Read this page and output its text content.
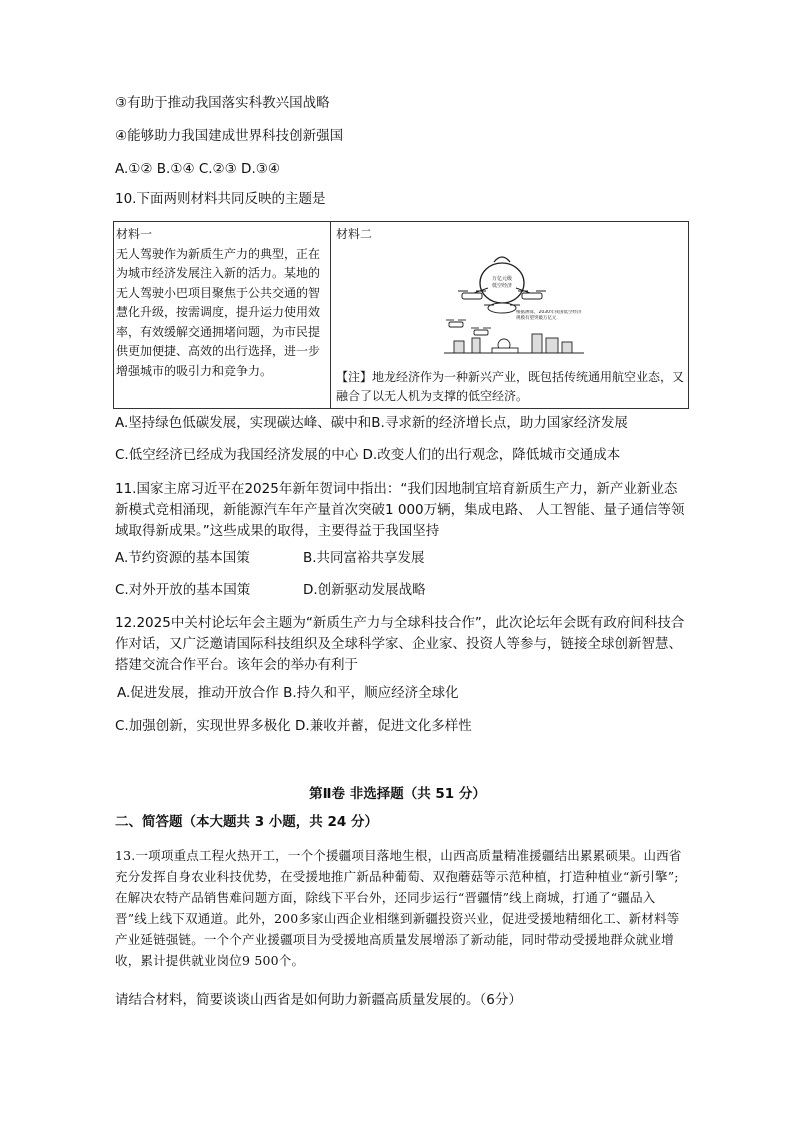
③有助于推动我国落实科教兴国战略
④能够助力我国建成世界科技创新强国
A.①② B.①④ C.②③ D.③④
10.下面两则材料共同反映的主题是
材料一
无人驾驶作为新质生产力的典型，正在为城市经济发展注入新的活力。某地的无人驾驶小巴项目聚焦于公共交通的智慧化升级，按需调度，提升运力使用效率，有效缓解交通拥堵问题，为市民提供更加便捷、高效的出行选择，进一步增强城市的吸引力和竞争力。
材料二
万亿元级
低空经济
根据测算，2030年我国低空经济规模有望突破万亿元
【注】地龙经济作为一种新兴产业，既包括传统通用航空业态，又融合了以无人机为支撑的低空经济。
A.坚持绿色低碳发展，实现碳达峰、碳中和B.寻求新的经济增长点，助力国家经济发展
C.低空经济已经成为我国经济发展的中心 D.改变人们的出行观念，降低城市交通成本
11.国家主席习近平在2025年新年贺词中指出：“我们因地制宜培育新质生产力，新产业新业态新模式竞相涌现，新能源汽车年产量首次突破1 000万辆，集成电路、 人工智能、量子通信等领域取得新成果。”这些成果的取得，主要得益于我国坚持
A.节约资源的基本国策	B.共同富裕共享发展
C.对外开放的基本国策	D.创新驱动发展战略
12.2025中关村论坛年会主题为“新质生产力与全球科技合作”，此次论坛年会既有政府间科技合作对话，又广泛邀请国际科技组织及全球科学家、企业家、投资人等参与，链接全球创新智慧、搭建交流合作平台。该年会的举办有利于
A.促进发展，推动开放合作 B.持久和平，顺应经济全球化
C.加强创新，实现世界多极化 D.兼收并蓄，促进文化多样性
第Ⅱ卷 非选择题（共 51 分）
二、简答题（本大题共 3 小题，共 24 分）
13.一项项重点工程火热开工，一个个援疆项目落地生根，山西高质量精准援疆结出累累硕果。山西省充分发挥自身农业科技优势，在受援地推广新品种葡萄、双孢蘑菇等示范种植，打造种植业“新引擎”;在解决农特产品销售难问题方面，除线下平台外，还同步运行“晋疆情”线上商城，打通了“疆品入晋”线上线下双通道。此外，200多家山西企业相继到新疆投资兴业，促进受援地精细化工、新材料等产业延链强链。一个个产业援疆项目为受援地高质量发展增添了新动能，同时带动受援地群众就业增收，累计提供就业岗位9 500个。
请结合材料，简要谈谈山西省是如何助力新疆高质量发展的。（6分）
